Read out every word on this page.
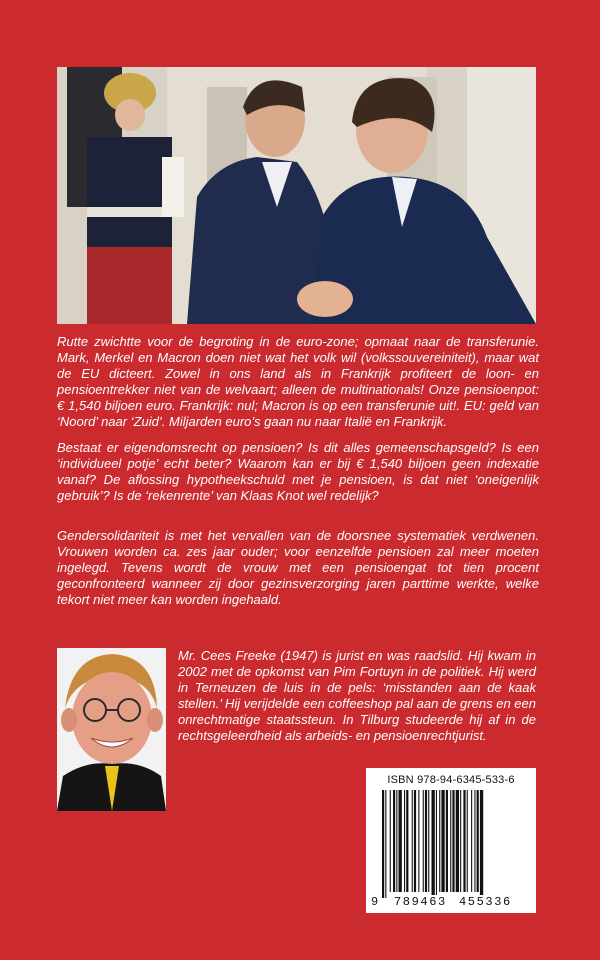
Rutte zwichtte voor de begroting in de euro-zone; opmaat naar de transferunie. Mark, Merkel en Macron doen niet wat het volk wil (volkssouvereiniteit), maar wat de EU dicteert. Zowel in ons land als in Frankrijk profiteert de loon- en pensioentrekker niet van de welvaart; alleen de multinationals! Onze pensioenpot: € 1,540 biljoen euro. Frankrijk: nul; Macron is op een transferunie uit!. EU: geld van ‘Noord’ naar ‘Zuid’. Miljarden euro’s gaan nu naar Italië en Frankrijk.

Bestaat er eigendomsrecht op pensioen? Is dit alles gemeenschapsgeld? Is een ‘individueel potje’ echt beter? Waarom kan er bij € 1,540 biljoen geen indexatie vanaf? De aflossing hypotheekschuld met je pensioen, is dat niet ‘oneigenlijk gebruik’? Is de ‘rekenrente’ van Klaas Knot wel redelijk?

Gendersolidariteit is met het vervallen van de doorsnee systematiek verdwenen. Vrouwen worden ca. zes jaar ouder; voor eenzelfde pensioen zal meer moeten ingelegd. Tevens wordt de vrouw met een pensioengat tot tien procent geconfronteerd wanneer zij door gezinsverzorging jaren parttime werkte, welke tekort niet meer kan worden ingehaald.

Mr. Cees Freeke (1947) is jurist en was raadslid. Hij kwam in 2002 met de opkomst van Pim Fortuyn in de politiek. Hij werd in Terneuzen de luis in de pels: ‘misstanden aan de kaak stellen.’ Hij verijdelde een coffeeshop pal aan de grens en een onrechtmatige staatssteun. In Tilburg studeerde hij af in de rechtsgeleerdheid als arbeids- en pensioenrechtjurist.

ISBN 978-94-6345-533-6
9 789463 455336
